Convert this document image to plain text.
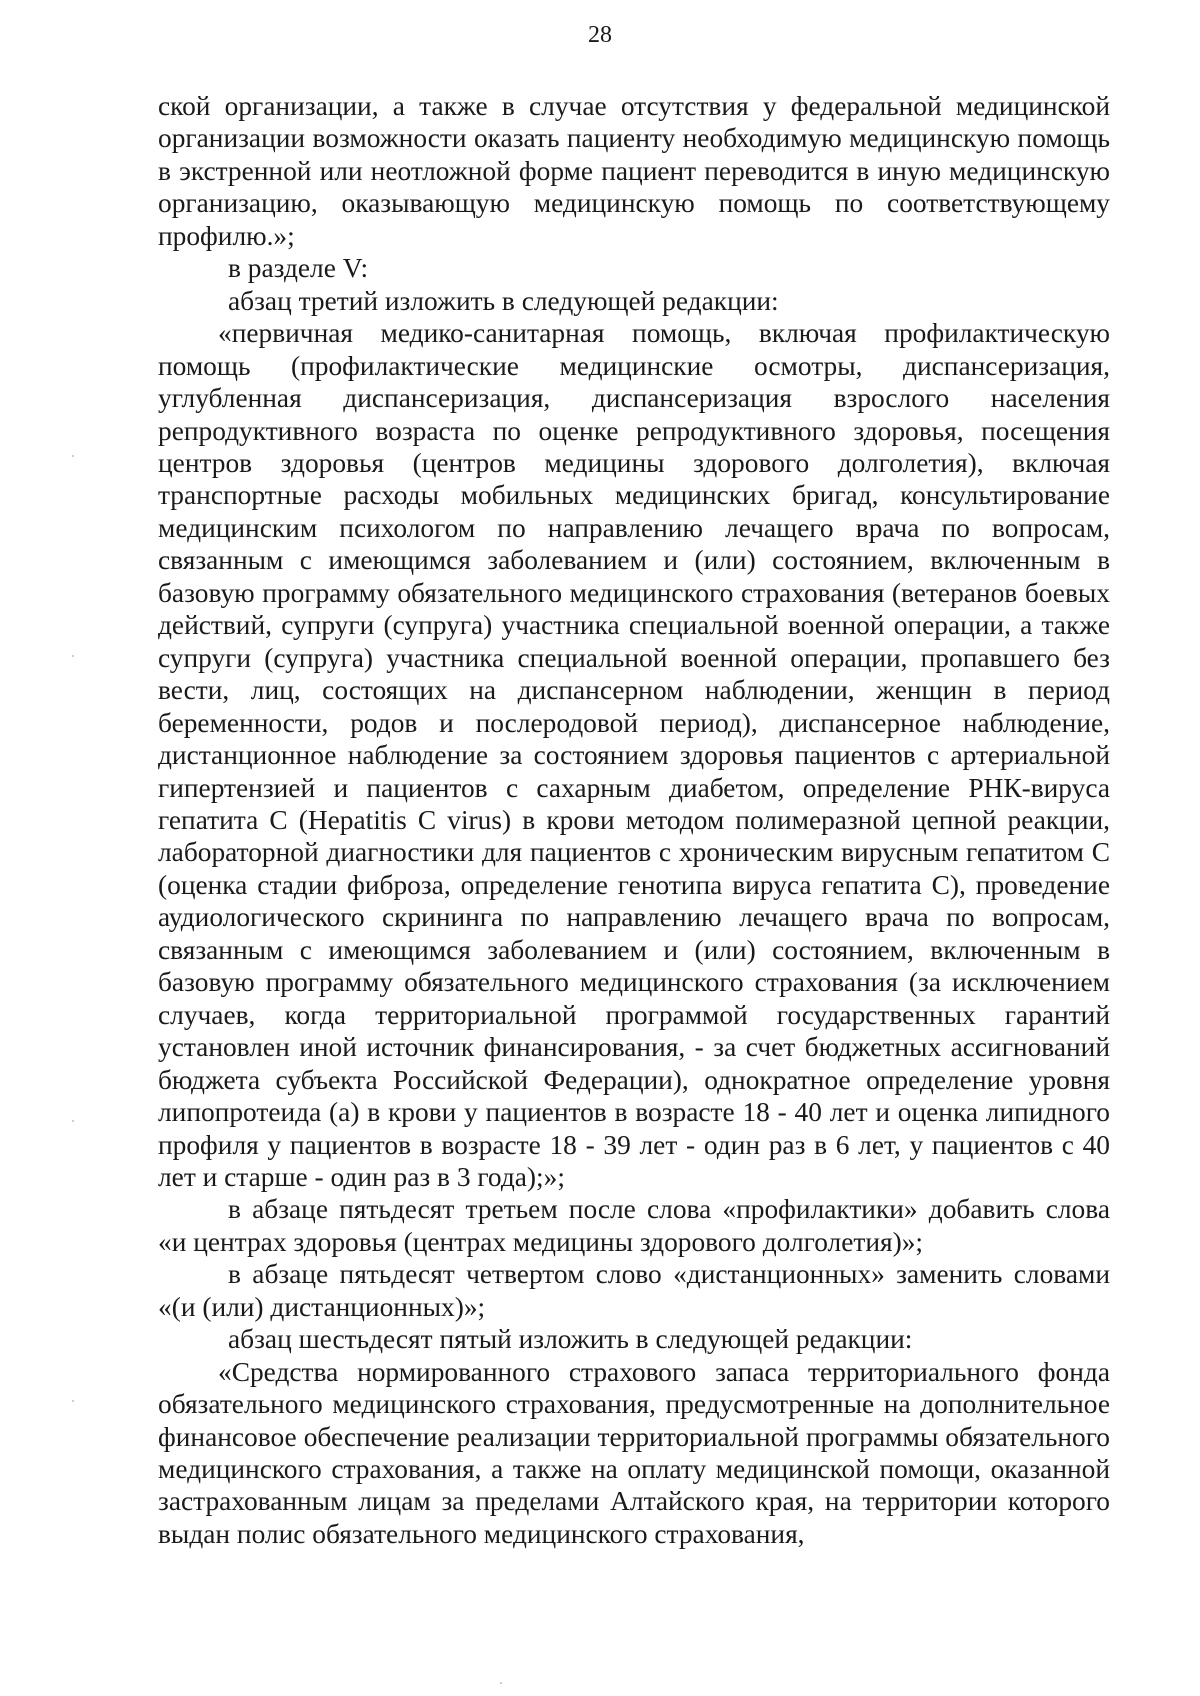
28

ской организации, а также в случае отсутствия у федеральной медицинской организации возможности оказать пациенту необходимую медицинскую помощь в экстренной или неотложной форме пациент переводится в иную медицинскую организацию, оказывающую медицинскую помощь по соответствующему профилю.»;

в разделе V:

абзац третий изложить в следующей редакции:

«первичная медико-санитарная помощь, включая профилактическую помощь (профилактические медицинские осмотры, диспансеризация, углубленная диспансеризация, диспансеризация взрослого населения репродуктивного возраста по оценке репродуктивного здоровья, посещения центров здоровья (центров медицины здорового долголетия), включая транспортные расходы мобильных медицинских бригад, консультирование медицинским психологом по направлению лечащего врача по вопросам, связанным с имеющимся заболеванием и (или) состоянием, включенным в базовую программу обязательного медицинского страхования (ветеранов боевых действий, супруги (супруга) участника специальной военной операции, а также супруги (супруга) участника специальной военной операции, пропавшего без вести, лиц, состоящих на диспансерном наблюдении, женщин в период беременности, родов и послеродовой период), диспансерное наблюдение, дистанционное наблюдение за состоянием здоровья пациентов с артериальной гипертензией и пациентов с сахарным диабетом, определение РНК-вируса гепатита С (Hepatitis C virus) в крови методом полимеразной цепной реакции, лабораторной диагностики для пациентов с хроническим вирусным гепатитом С (оценка стадии фиброза, определение генотипа вируса гепатита С), проведение аудиологического скрининга по направлению лечащего врача по вопросам, связанным с имеющимся заболеванием и (или) состоянием, включенным в базовую программу обязательного медицинского страхования (за исключением случаев, когда территориальной программой государственных гарантий установлен иной источник финансирования, - за счет бюджетных ассигнований бюджета субъекта Российской Федерации), однократное определение уровня липопротеида (а) в крови у пациентов в возрасте 18 - 40 лет и оценка липидного профиля у пациентов в возрасте 18 - 39 лет - один раз в 6 лет, у пациентов с 40 лет и старше - один раз в 3 года);»;

в абзаце пятьдесят третьем после слова «профилактики» добавить слова «и центрах здоровья (центрах медицины здорового долголетия)»;

в абзаце пятьдесят четвертом слово «дистанционных» заменить словами «(и (или) дистанционных)»;

абзац шестьдесят пятый изложить в следующей редакции:

«Средства нормированного страхового запаса территориального фонда обязательного медицинского страхования, предусмотренные на дополнительное финансовое обеспечение реализации территориальной программы обязательного медицинского страхования, а также на оплату медицинской помощи, оказанной застрахованным лицам за пределами Алтайского края, на территории которого выдан полис обязательного медицинского страхования,
